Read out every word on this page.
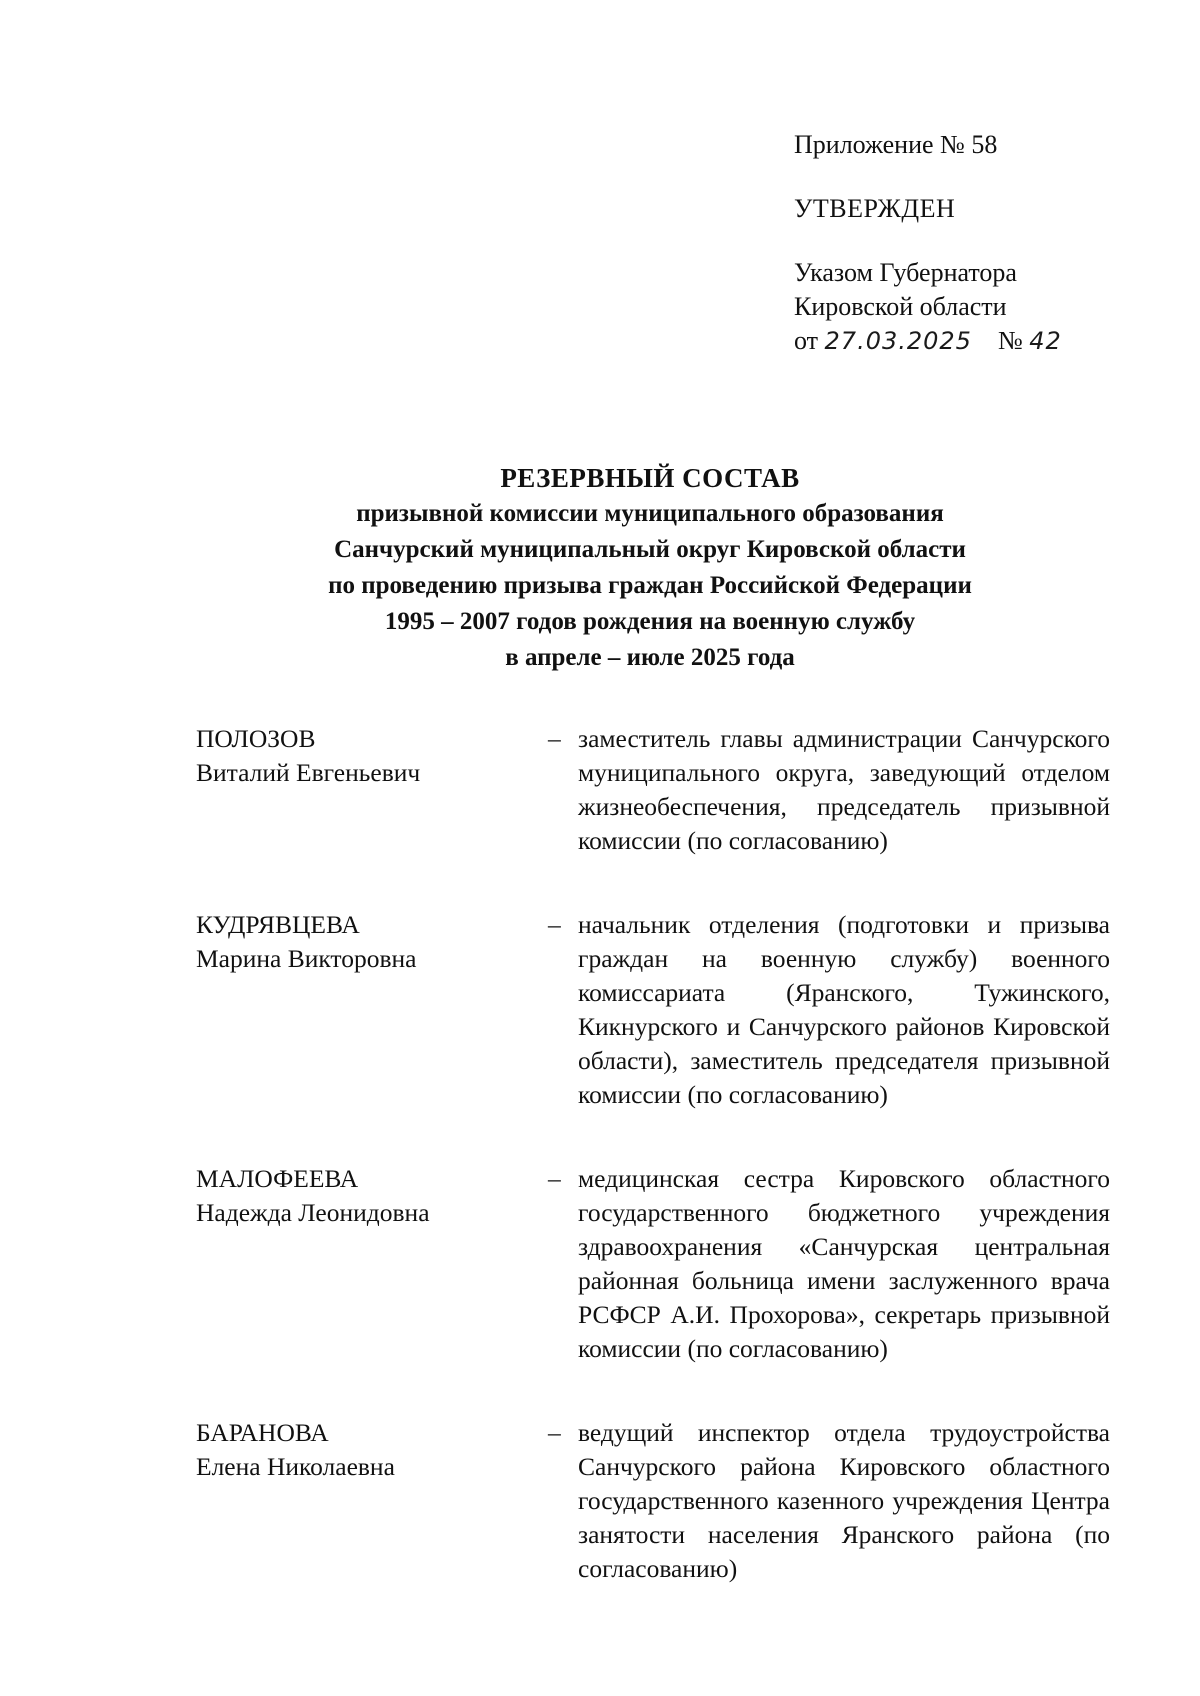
Приложение № 58
УТВЕРЖДЕН
Указом Губернатора
Кировской области
от 27.03.2025 № 42
РЕЗЕРВНЫЙ СОСТАВ
призывной комиссии муниципального образования
Санчурский муниципальный округ Кировской области
по проведению призыва граждан Российской Федерации
1995 – 2007 годов рождения на военную службу
в апреле – июле 2025 года
ПОЛОЗОВ
Виталий Евгеньевич
– заместитель главы администрации Санчурского муниципального округа, заведующий отделом жизнеобеспечения, председатель призывной комиссии (по согласованию)
КУДРЯВЦЕВА
Марина Викторовна
– начальник отделения (подготовки и призыва граждан на военную службу) военного комиссариата (Яранского, Тужинского, Кикнурского и Санчурского районов Кировской области), заместитель председателя призывной комиссии (по согласованию)
МАЛОФЕЕВА
Надежда Леонидовна
– медицинская сестра Кировского областного государственного бюджетного учреждения здравоохранения «Санчурская центральная районная больница имени заслуженного врача РСФСР А.И. Прохорова», секретарь призывной комиссии (по согласованию)
БАРАНОВА
Елена Николаевна
– ведущий инспектор отдела трудоустройства Санчурского района Кировского областного государственного казенного учреждения Центра занятости населения Яранского района (по согласованию)
